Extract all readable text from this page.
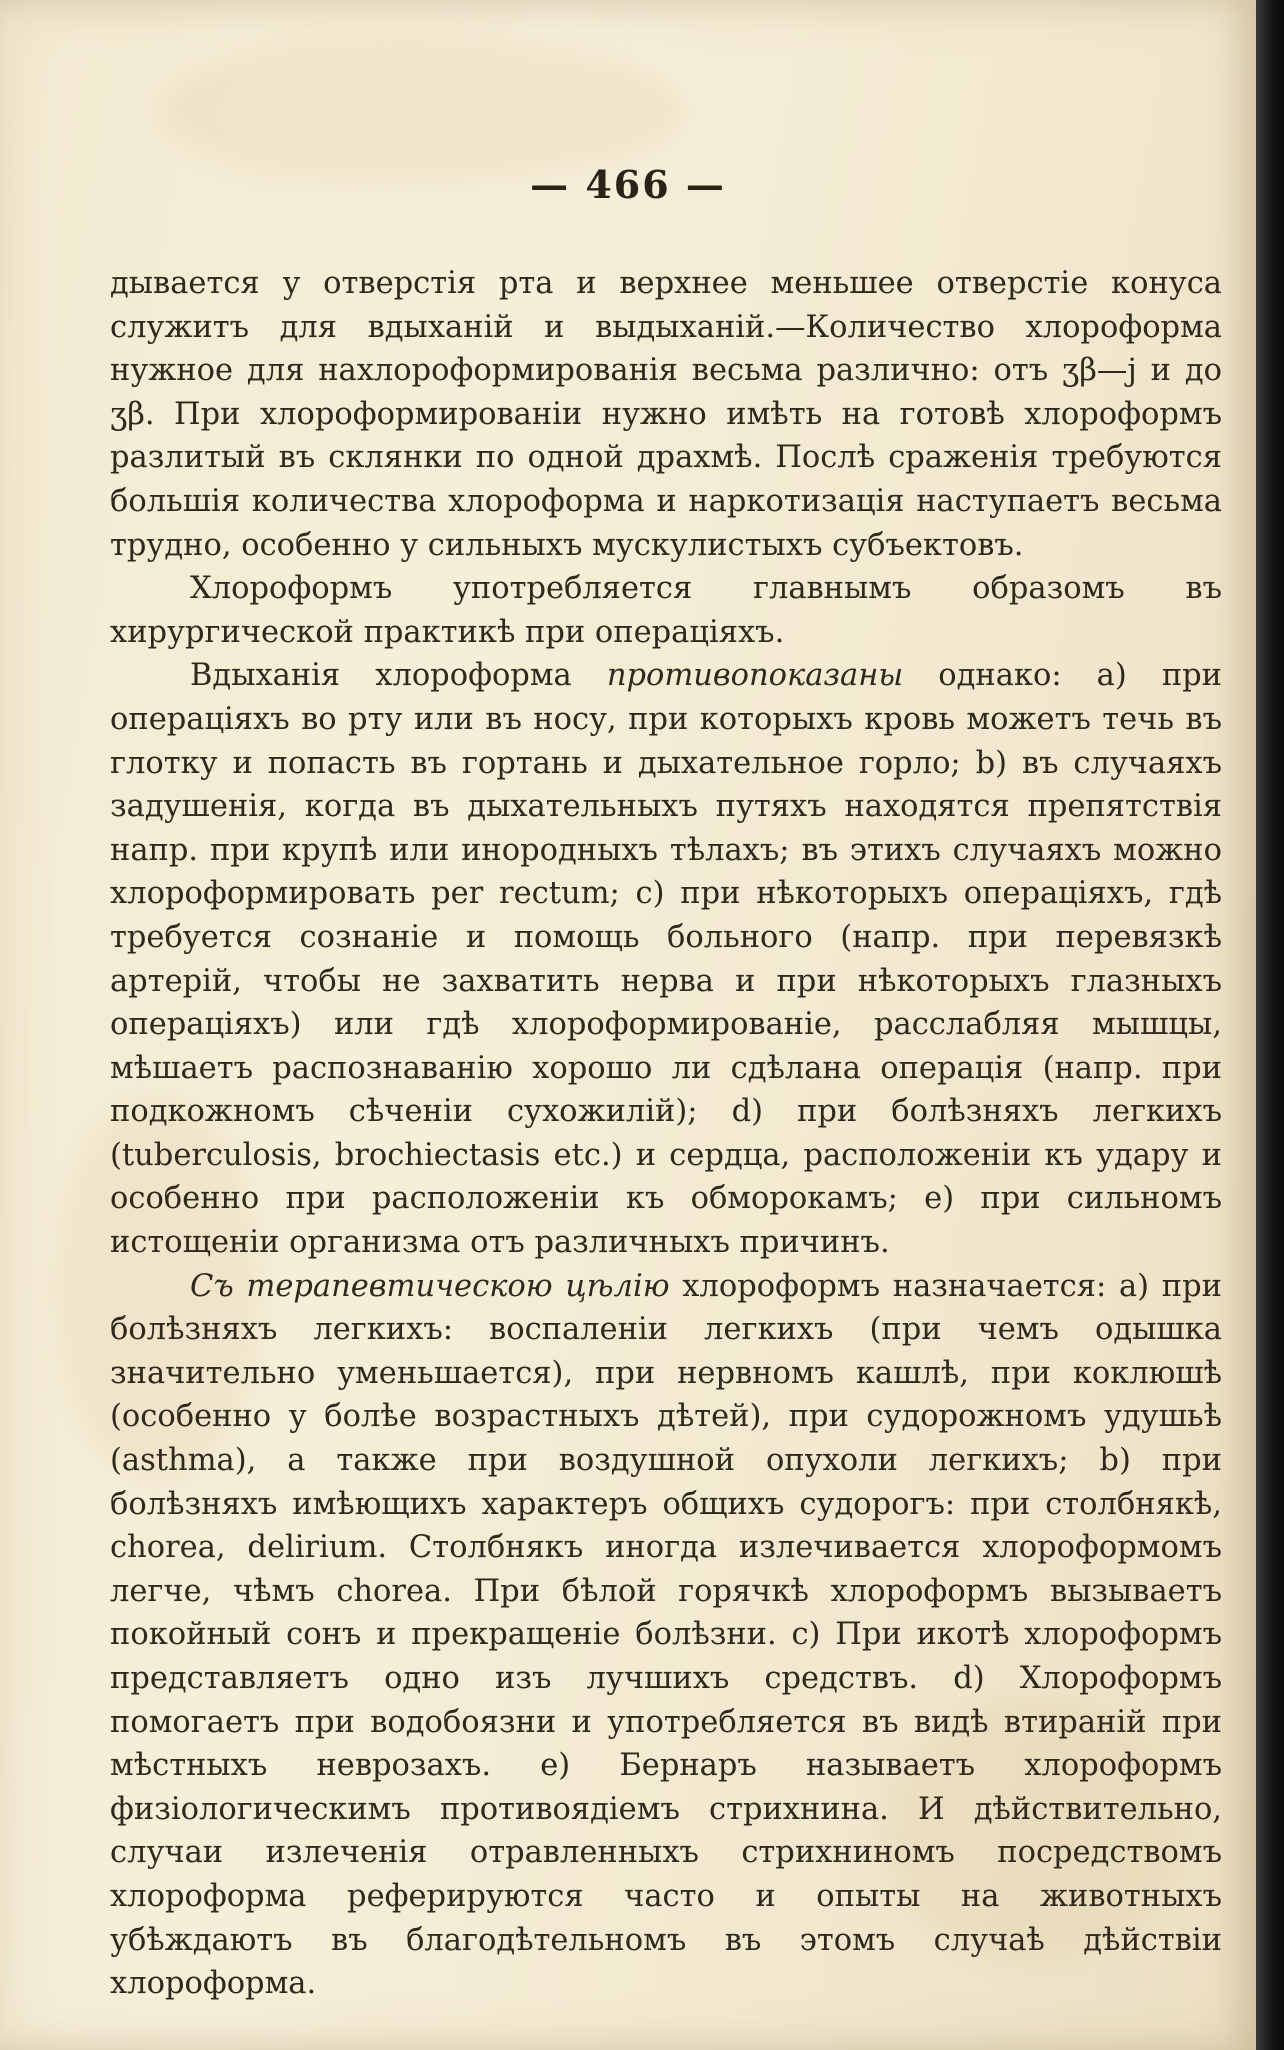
— 466 —

дывается у отверстія рта и верхнее меньшее отверстіе конуса служитъ для вдыханій и выдыханій.—Количество хлороформа нужное для нахлороформированія весьма различно: отъ ʒβ—j и до ʒβ. При хлороформированіи нужно имѣть на готовѣ хлороформъ разлитый въ склянки по одной драхмѣ. Послѣ сраженія требуются большія количества хлороформа и наркотизація наступаетъ весьма трудно, особенно у сильныхъ мускулистыхъ субъектовъ.

Хлороформъ употребляется главнымъ образомъ въ хирургической практикѣ при операціяхъ.

Вдыханія хлороформа противопоказаны однако: a) при операціяхъ во рту или въ носу, при которыхъ кровь можетъ течь въ глотку и попасть въ гортань и дыхательное горло; b) въ случаяхъ задушенія, когда въ дыхательныхъ путяхъ находятся препятствія напр. при крупѣ или инородныхъ тѣлахъ; въ этихъ случаяхъ можно хлороформировать per rectum; c) при нѣкоторыхъ операціяхъ, гдѣ требуется сознаніе и помощь больного (напр. при перевязкѣ артерій, чтобы не захватить нерва и при нѣкоторыхъ глазныхъ операціяхъ) или гдѣ хлороформированіе, расслабляя мышцы, мѣшаетъ распознаванію хорошо ли сдѣлана операція (напр. при подкожномъ сѣченіи сухожилій); d) при болѣзняхъ легкихъ (tuberculosis, brochiectasis etc.) и сердца, расположеніи къ удару и особенно при расположеніи къ обморокамъ; e) при сильномъ истощеніи организма отъ различныхъ причинъ.

Съ терапевтическою цѣлію хлороформъ назначается: a) при болѣзняхъ легкихъ: воспаленіи легкихъ (при чемъ одышка значительно уменьшается), при нервномъ кашлѣ, при коклюшѣ (особенно у болѣе возрастныхъ дѣтей), при судорожномъ удушьѣ (asthma), а также при воздушной опухоли легкихъ; b) при болѣзняхъ имѣющихъ характеръ общихъ судорогъ: при столбнякѣ, chorea, delirium. Столбнякъ иногда излечивается хлороформомъ легче, чѣмъ chorea. При бѣлой горячкѣ хлороформъ вызываетъ покойный сонъ и прекращеніе болѣзни. c) При икотѣ хлороформъ представляетъ одно изъ лучшихъ средствъ. d) Хлороформъ помогаетъ при водобоязни и употребляется въ видѣ втираній при мѣстныхъ неврозахъ. e) Бернаръ называетъ хлороформъ физіологическимъ противоядіемъ стрихнина. И дѣйствительно, случаи излеченія отравленныхъ стрихниномъ посредствомъ хлороформа реферируются часто и опыты на животныхъ убѣждаютъ въ благодѣтельномъ въ этомъ случаѣ дѣйствіи хлороформа.
